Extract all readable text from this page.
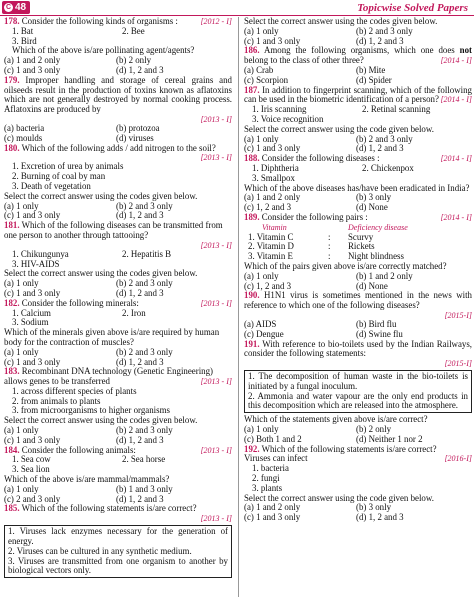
C 48	Topicwise Solved Papers
178. Consider the following kinds of organisms :	[2012 - I]
1. Bat	2. Bee
3. Bird
Which of the above is/are pollinating agent/agents?
(a) 1 and 2 only	(b) 2 only
(c) 1 and 3 only	(d) 1, 2 and 3
179. Improper handling and storage of cereal grains and oilseeds result in the production of toxins known as aflatoxins which are not generally destroyed by normal cooking process. Aflatoxins are produced by
[2013 - I]
(a) bacteria	(b) protozoa
(c) moulds	(d) viruses
180. Which of the following adds / add nitrogen to the soil?
[2013 - I]
1. Excretion of urea by animals
2. Burning of coal by man
3. Death of vegetation
Select the correct answer using the codes given below.
(a) 1 only	(b) 2 and 3 only
(c) 1 and 3 only	(d) 1, 2 and 3
181. Which of the following diseases can be transmitted from one person to another through tattooing?
[2013 - I]
1. Chikungunya	2. Hepatitis B
3. HIV-AIDS
Select the correct answer using the codes given below.
(a) 1 only	(b) 2 and 3 only
(c) 1 and 3 only	(d) 1, 2 and 3
182. Consider the following minerals:	[2013 - I]
1. Calcium	2. Iron
3. Sodium
Which of the minerals given above is/are required by human body for the contraction of muscles?
(a) 1 only	(b) 2 and 3 only
(c) 1 and 3 only	(d) 1, 2 and 3
183. Recombinant DNA technology (Genetic Engineering) allows genes to be transferred	[2013 - I]
1. across different species of plants
2. from animals to plants
3. from microorganisms to higher organisms
Select the correct answer using the codes given below.
(a) 1 only	(b) 2 and 3 only
(c) 1 and 3 only	(d) 1, 2 and 3
184. Consider the following animals:	[2013 - I]
1. Sea cow	2. Sea horse
3. Sea lion
Which of the above is/are mammal/mammals?
(a) 1 only	(b) 1 and 3 only
(c) 2 and 3 only	(d) 1, 2 and 3
185. Which of the following statements is/are correct?
[2013 - I]
1. Viruses lack enzymes necessary for the generation of energy.
2. Viruses can be cultured in any synthetic medium.
3. Viruses are transmitted from one organism to another by biological vectors only.
Select the correct answer using the codes given below.
(a) 1 only	(b) 2 and 3 only
(c) 1 and 3 only	(d) 1, 2 and 3
186. Among the following organisms, which one does not belong to the class of other three?	[2014 - I]
(a) Crab	(b) Mite
(c) Scorpion	(d) Spider
187. In addition to fingerprint scanning, which of the following can be used in the biometric identification of a person? [2014 - I]
1. Iris scanning	2. Retinal scanning
3. Voice recognition
Select the correct answer using the code given below.
(a) 1 only	(b) 2 and 3 only
(c) 1 and 3 only	(d) 1, 2 and 3
188. Consider the following diseases :	[2014 - I]
1. Diphtheria	2. Chickenpox
3. Smallpox
Which of the above diseases has/have been eradicated in India?
(a) 1 and 2 only	(b) 3 only
(c) 1, 2 and 3	(d) None
189. Consider the following pairs :	[2014 - I]
Vitamin	Deficiency disease
1. Vitamin C	:	Scurvy
2. Vitamin D	:	Rickets
3. Vitamin E	:	Night blindness
Which of the pairs given above is/are correctly matched?
(a) 1 only	(b) 1 and 2 only
(c) 1, 2 and 3	(d) None
190. H1N1 virus is sometimes mentioned in the news with reference to which one of the following diseases?
[2015-I]
(a) AIDS	(b) Bird flu
(c) Dengue	(d) Swine flu
191. With reference to bio-toilets used by the Indian Railways, consider the following statements:
[2015-I]
1. The decomposition of human waste in the bio-toilets is initiated by a fungal inoculum.
2. Ammonia and water vapour are the only end products in this decomposition which are released into the atmosphere.
Which of the statements given above is/are correct?
(a) 1 only	(b) 2 only
(c) Both 1 and 2	(d) Neither 1 nor 2
192. Which of the following statements is/are correct?
Viruses can infect	[2016-I]
1. bacteria
2. fungi
3. plants
Select the correct answer using the code given below.
(a) 1 and 2 only	(b) 3 only
(c) 1 and 3 only	(d) 1, 2 and 3
